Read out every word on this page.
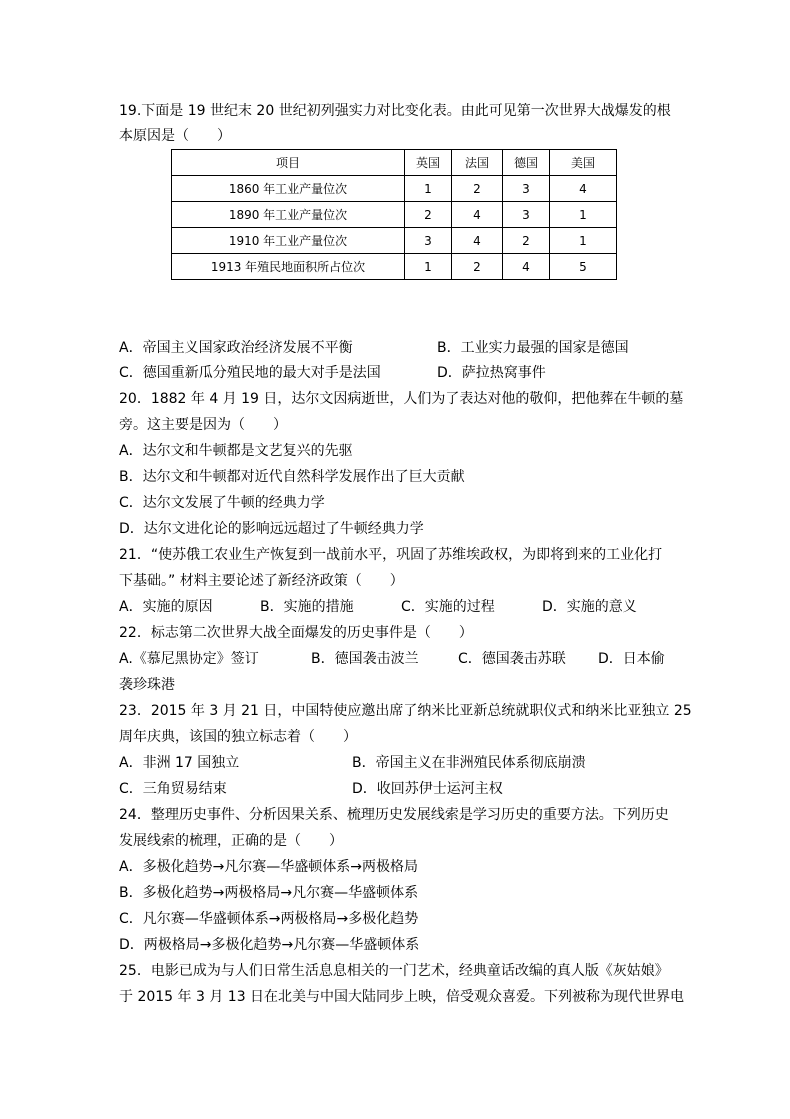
19.下面是 19 世纪末 20 世纪初列强实力对比变化表。由此可见第一次世界大战爆发的根
本原因是（　　）
项目	英国	法国	德国	美国
1860 年工业产量位次	1	2	3	4
1890 年工业产量位次	2	4	3	1
1910 年工业产量位次	3	4	2	1
1913 年殖民地面积所占位次	1	2	4	5
A．帝国主义国家政治经济发展不平衡	B．工业实力最强的国家是德国
C．德国重新瓜分殖民地的最大对手是法国	D．萨拉热窝事件
20．1882 年 4 月 19 日，达尔文因病逝世，人们为了表达对他的敬仰，把他葬在牛顿的墓
旁。这主要是因为（　　）
A．达尔文和牛顿都是文艺复兴的先驱
B．达尔文和牛顿都对近代自然科学发展作出了巨大贡献
C．达尔文发展了牛顿的经典力学
D．达尔文进化论的影响远远超过了牛顿经典力学
21．“使苏俄工农业生产恢复到一战前水平，巩固了苏维埃政权，为即将到来的工业化打
下基础。” 材料主要论述了新经济政策（　　）
A．实施的原因	B．实施的措施	C．实施的过程	D．实施的意义
22．标志第二次世界大战全面爆发的历史事件是（　　）
A.《慕尼黑协定》签订	B．德国袭击波兰	C．德国袭击苏联 D．日本偷
袭珍珠港
23．2015 年 3 月 21 日，中国特使应邀出席了纳米比亚新总统就职仪式和纳米比亚独立 25
周年庆典，该国的独立标志着（　　）
A．非洲 17 国独立	B．帝国主义在非洲殖民体系彻底崩溃
C．三角贸易结束	D．收回苏伊士运河主权
24．整理历史事件、分析因果关系、梳理历史发展线索是学习历史的重要方法。下列历史
发展线索的梳理，正确的是（　　）
A．多极化趋势→凡尔赛—华盛顿体系→两极格局
B．多极化趋势→两极格局→凡尔赛—华盛顿体系
C．凡尔赛—华盛顿体系→两极格局→多极化趋势
D．两极格局→多极化趋势→凡尔赛—华盛顿体系
25．电影已成为与人们日常生活息息相关的一门艺术，经典童话改编的真人版《灰姑娘》
于 2015 年 3 月 13 日在北美与中国大陆同步上映，倍受观众喜爱。下列被称为现代世界电
